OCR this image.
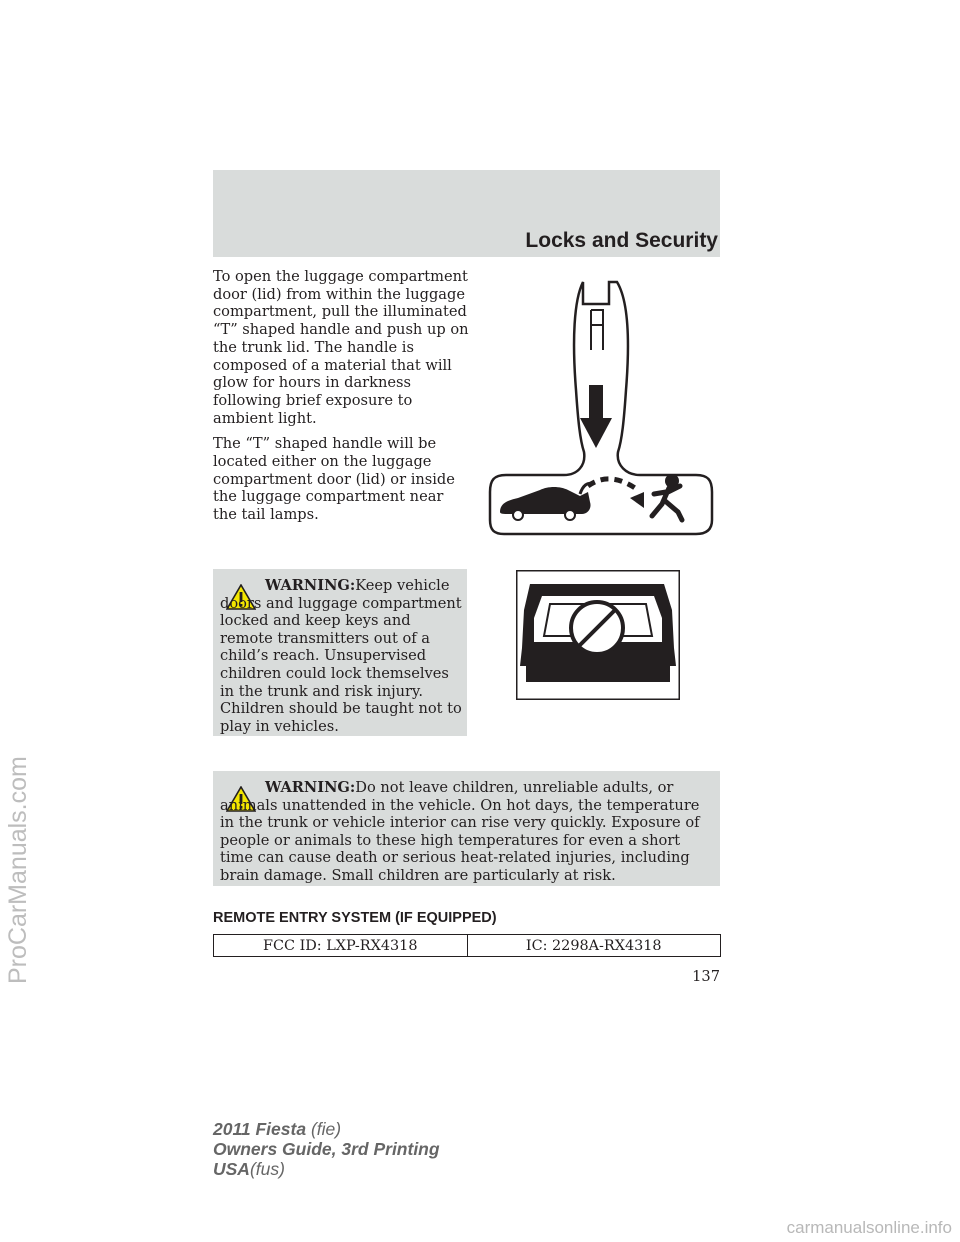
Locks and Security

To open the luggage compartment door (lid) from within the luggage compartment, pull the illuminated “T” shaped handle and push up on the trunk lid. The handle is composed of a material that will glow for hours in darkness following brief exposure to ambient light.

The “T” shaped handle will be located either on the luggage compartment door (lid) or inside the luggage compartment near the tail lamps.

WARNING:Keep vehicle doors and luggage compartment locked and keep keys and remote transmitters out of a child’s reach. Unsupervised children could lock themselves in the trunk and risk injury. Children should be taught not to play in vehicles.
WARNING:Do not leave children, unreliable adults, or animals unattended in the vehicle. On hot days, the temperature in the trunk or vehicle interior can rise very quickly. Exposure of people or animals to these high temperatures for even a short time can cause death or serious heat-related injuries, including brain damage. Small children are particularly at risk.
REMOTE ENTRY SYSTEM (IF EQUIPPED)
FCC ID: LXP-RX4318	IC: 2298A-RX4318
137
2011 Fiesta (fie)
Owners Guide, 3rd Printing
USA(fus)
ProCarManuals.com
carmanualsonline.info
